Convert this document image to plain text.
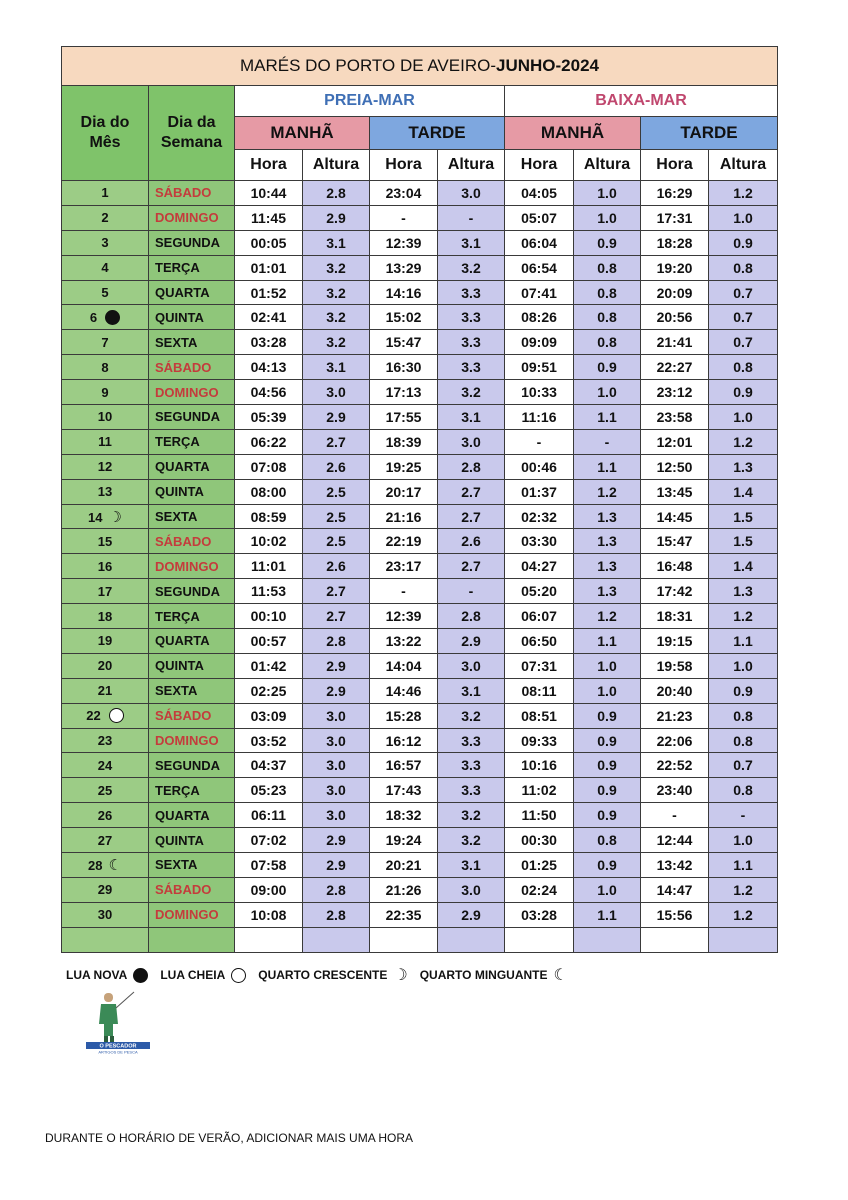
MARÉS DO PORTO DE AVEIRO-JUNHO-2024									
Dia do Mês	Dia da Semana	PREIA-MAR				BAIXA-MAR			
		MANHÃ		TARDE		MANHÃ		TARDE	
		Hora	Altura	Hora	Altura	Hora	Altura	Hora	Altura
1	SÁBADO	10:44	2.8	23:04	3.0	04:05	1.0	16:29	1.2
2	DOMINGO	11:45	2.9	-	-	05:07	1.0	17:31	1.0
3	SEGUNDA	00:05	3.1	12:39	3.1	06:04	0.9	18:28	0.9
4	TERÇA	01:01	3.2	13:29	3.2	06:54	0.8	19:20	0.8
5	QUARTA	01:52	3.2	14:16	3.3	07:41	0.8	20:09	0.7
6	QUINTA	02:41	3.2	15:02	3.3	08:26	0.8	20:56	0.7
7	SEXTA	03:28	3.2	15:47	3.3	09:09	0.8	21:41	0.7
8	SÁBADO	04:13	3.1	16:30	3.3	09:51	0.9	22:27	0.8
9	DOMINGO	04:56	3.0	17:13	3.2	10:33	1.0	23:12	0.9
10	SEGUNDA	05:39	2.9	17:55	3.1	11:16	1.1	23:58	1.0
11	TERÇA	06:22	2.7	18:39	3.0	-	-	12:01	1.2
12	QUARTA	07:08	2.6	19:25	2.8	00:46	1.1	12:50	1.3
13	QUINTA	08:00	2.5	20:17	2.7	01:37	1.2	13:45	1.4
14 ☽	SEXTA	08:59	2.5	21:16	2.7	02:32	1.3	14:45	1.5
15	SÁBADO	10:02	2.5	22:19	2.6	03:30	1.3	15:47	1.5
16	DOMINGO	11:01	2.6	23:17	2.7	04:27	1.3	16:48	1.4
17	SEGUNDA	11:53	2.7	-	-	05:20	1.3	17:42	1.3
18	TERÇA	00:10	2.7	12:39	2.8	06:07	1.2	18:31	1.2
19	QUARTA	00:57	2.8	13:22	2.9	06:50	1.1	19:15	1.1
20	QUINTA	01:42	2.9	14:04	3.0	07:31	1.0	19:58	1.0
21	SEXTA	02:25	2.9	14:46	3.1	08:11	1.0	20:40	0.9
22	SÁBADO	03:09	3.0	15:28	3.2	08:51	0.9	21:23	0.8
23	DOMINGO	03:52	3.0	16:12	3.3	09:33	0.9	22:06	0.8
24	SEGUNDA	04:37	3.0	16:57	3.3	10:16	0.9	22:52	0.7
25	TERÇA	05:23	3.0	17:43	3.3	11:02	0.9	23:40	0.8
26	QUARTA	06:11	3.0	18:32	3.2	11:50	0.9	-	-
27	QUINTA	07:02	2.9	19:24	3.2	00:30	0.8	12:44	1.0
28 ☾	SEXTA	07:58	2.9	20:21	3.1	01:25	0.9	13:42	1.1
29	SÁBADO	09:00	2.8	21:26	3.0	02:24	1.0	14:47	1.2
30	DOMINGO	10:08	2.8	22:35	2.9	03:28	1.1	15:56	1.2

LUA NOVA	LUA CHEIA	QUARTO CRESCENTE ☽ QUARTO MINGUANTE ☾
O PESCADOR
ARTIGOS DE PESCA
DURANTE O HORÁRIO DE VERÃO, ADICIONAR MAIS UMA HORA
